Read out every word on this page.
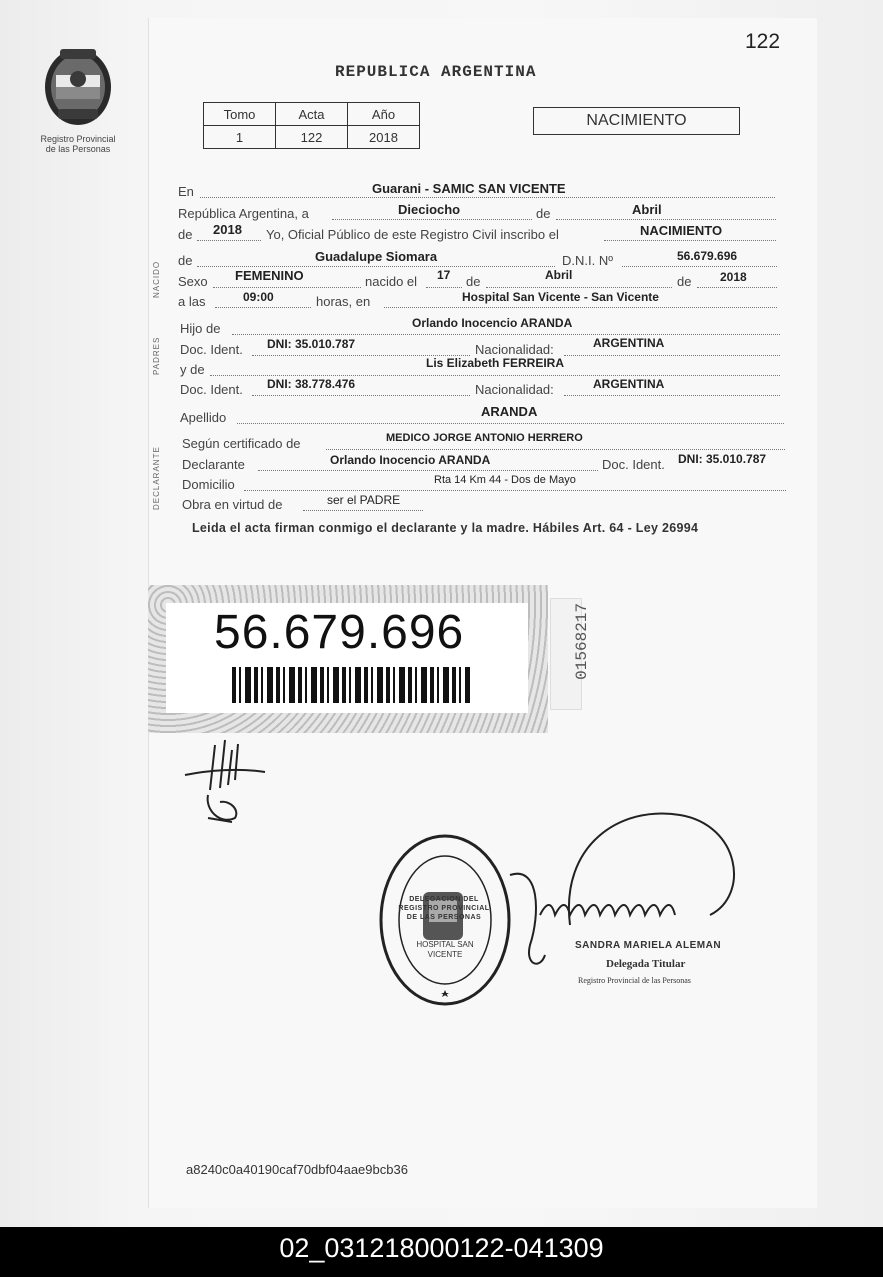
Registro Provincial
de las Personas
122
REPUBLICA ARGENTINA
Tomo	Acta	Año
1	122	2018
NACIMIENTO
NACIDO
PADRES
DECLARANTE
En	Guarani - SAMIC SAN VICENTE
República Argentina, a	Dieciocho	de	Abril
de 2018 Yo, Oficial Público de este Registro Civil inscribo el	NACIMIENTO
de	Guadalupe Siomara	D.N.I. Nº	56.679.696
Sexo FEMENINO	nacido el 17 de	Abril	de 2018
a las	09:00	horas, en	Hospital San Vicente - San Vicente
Hijo de	Orlando Inocencio ARANDA
Doc. Ident. DNI: 35.010.787	Nacionalidad:	ARGENTINA
y de	Lis Elizabeth FERREIRA
Doc. Ident. DNI: 38.778.476	Nacionalidad:	ARGENTINA
Apellido	ARANDA
Según certificado de	MEDICO JORGE ANTONIO HERRERO
Declarante	Orlando Inocencio ARANDA	Doc. Ident. DNI: 35.010.787
Domicilio	Rta 14 Km 44 - Dos de Mayo
Obra en virtud de	ser el PADRE
Leida el acta firman conmigo el declarante y la madre. Hábiles Art. 64 - Ley 26994
56.679.696	01568217
DELEGACION DEL REGISTRO PROVINCIAL DE LAS PERSONAS
HOSPITAL SAN VICENTE
SANDRA MARIELA ALEMAN
Delegada Titular
Registro Provincial de las Personas
a8240c0a40190caf70dbf04aae9bcb36
02_031218000122-041309
